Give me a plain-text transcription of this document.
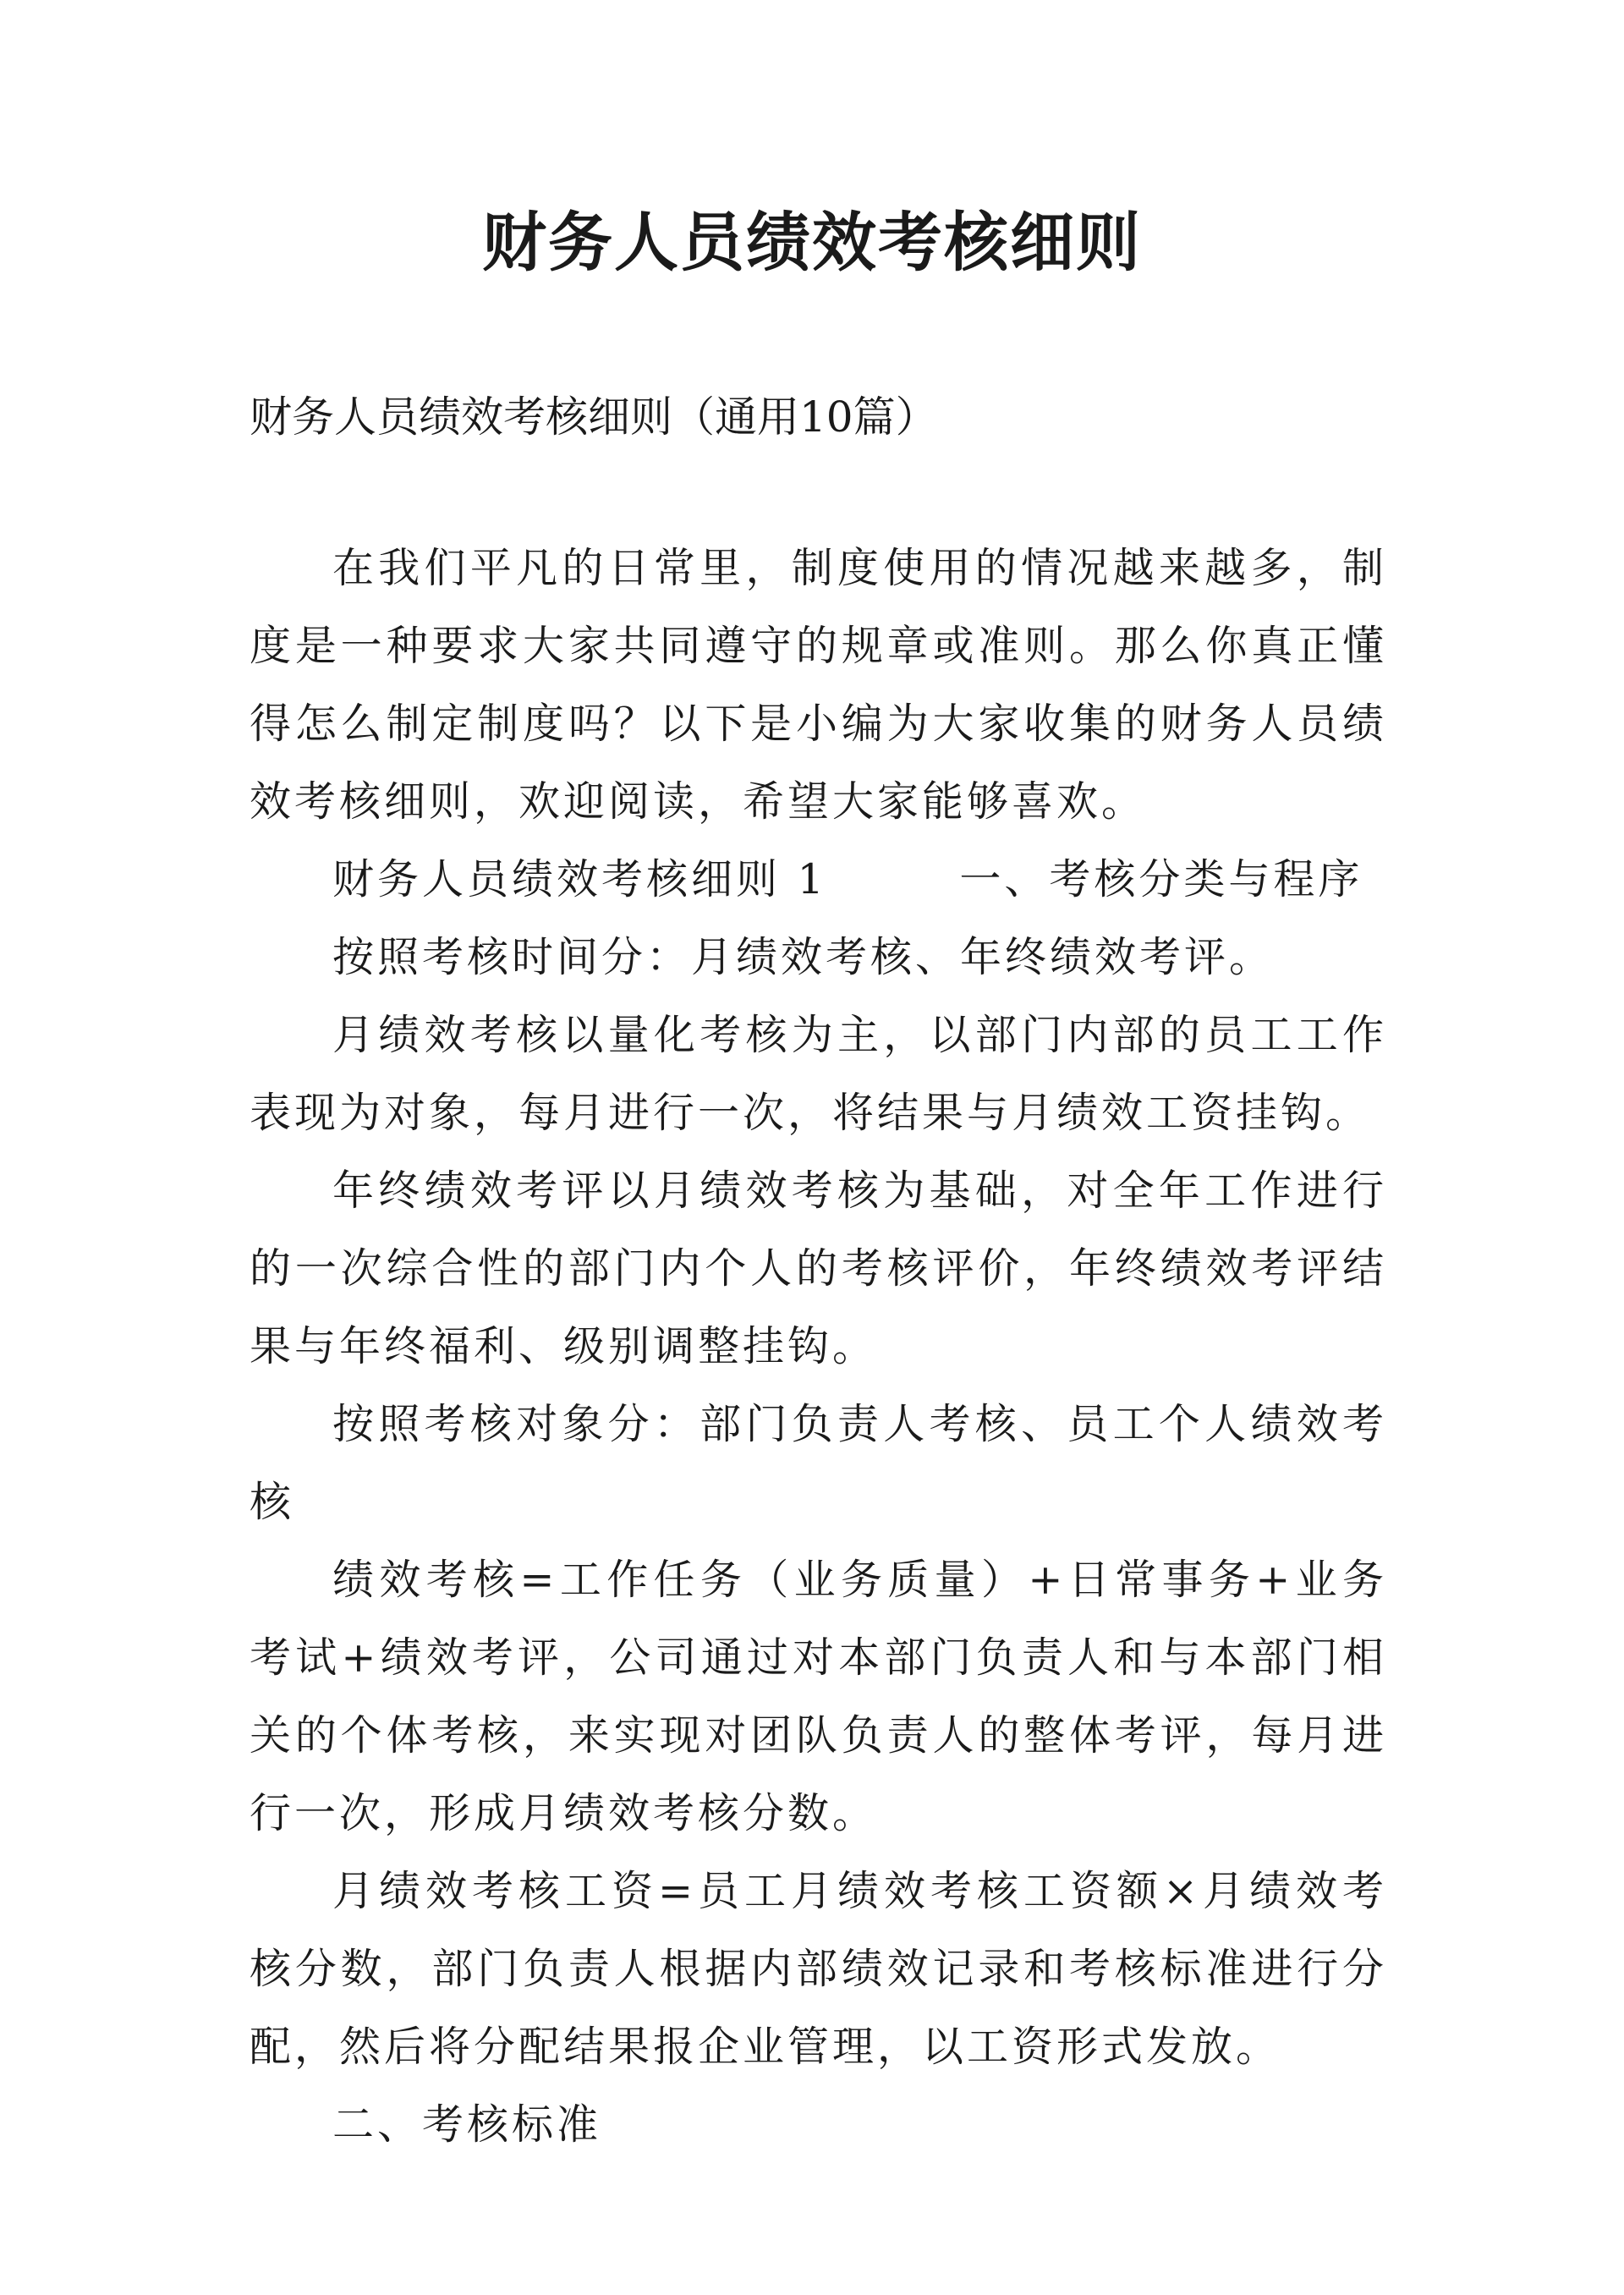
财务人员绩效考核细则

财务人员绩效考核细则（通用10篇）

在我们平凡的日常里，制度使用的情况越来越多，制度是一种要求大家共同遵守的规章或准则。那么你真正懂得怎么制定制度吗？以下是小编为大家收集的财务人员绩效考核细则，欢迎阅读，希望大家能够喜欢。

财务人员绩效考核细则 1        一、考核分类与程序

按照考核时间分：月绩效考核、年终绩效考评。

月绩效考核以量化考核为主，以部门内部的员工工作表现为对象，每月进行一次，将结果与月绩效工资挂钩。

年终绩效考评以月绩效考核为基础，对全年工作进行的一次综合性的部门内个人的考核评价，年终绩效考评结果与年终福利、级别调整挂钩。

按照考核对象分：部门负责人考核、员工个人绩效考核

绩效考核=工作任务（业务质量）+日常事务+业务考试+绩效考评，公司通过对本部门负责人和与本部门相关的个体考核，来实现对团队负责人的整体考评，每月进行一次，形成月绩效考核分数。

月绩效考核工资=员工月绩效考核工资额×月绩效考核分数，部门负责人根据内部绩效记录和考核标准进行分配，然后将分配结果报企业管理，以工资形式发放。

二、考核标准
